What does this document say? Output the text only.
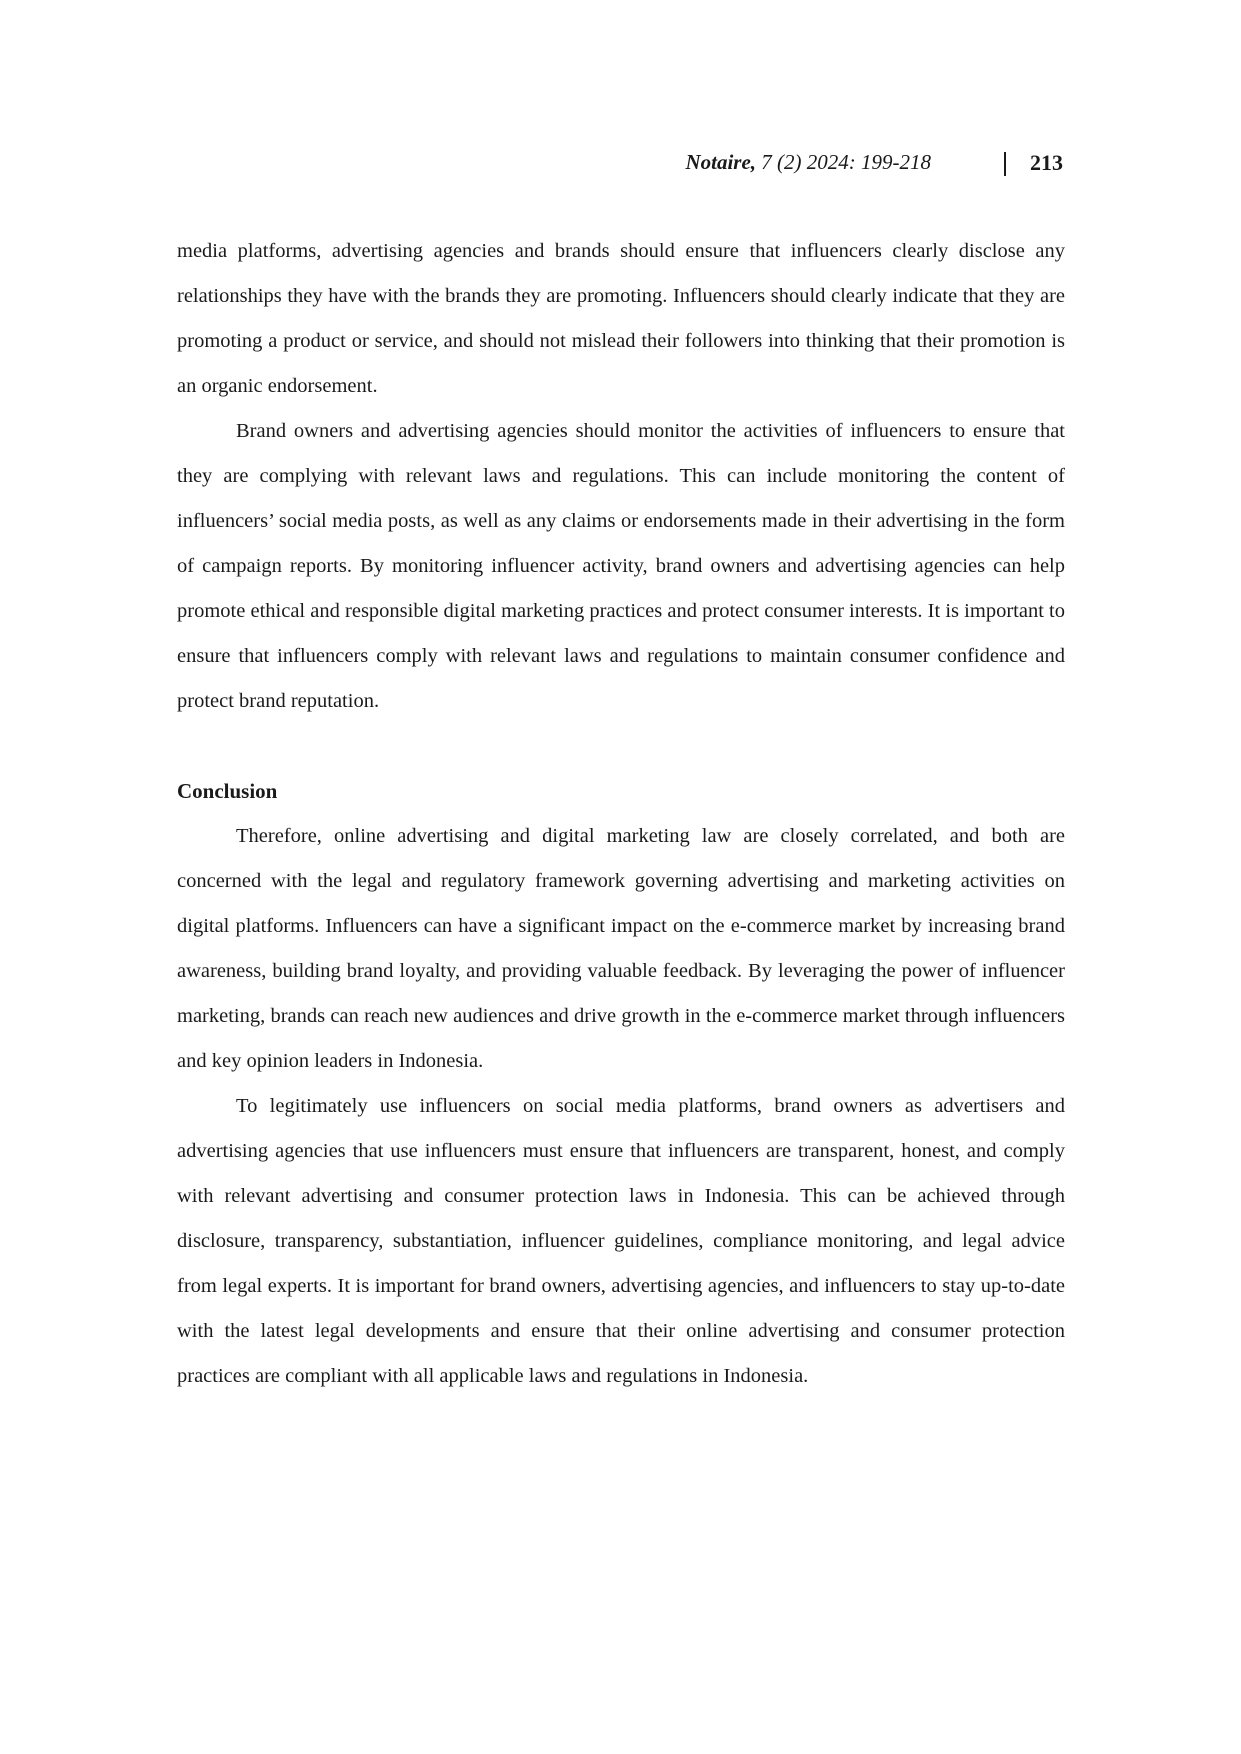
Notaire, 7 (2) 2024: 199-218	213

media platforms, advertising agencies and brands should ensure that influencers clearly disclose any relationships they have with the brands they are promoting. Influencers should clearly indicate that they are promoting a product or service, and should not mislead their followers into thinking that their promotion is an organic endorsement.

Brand owners and advertising agencies should monitor the activities of influencers to ensure that they are complying with relevant laws and regulations. This can include monitoring the content of influencers’ social media posts, as well as any claims or endorsements made in their advertising in the form of campaign reports. By monitoring influencer activity, brand owners and advertising agencies can help promote ethical and responsible digital marketing practices and protect consumer interests. It is important to ensure that influencers comply with relevant laws and regulations to maintain consumer confidence and protect brand reputation.

Conclusion

Therefore, online advertising and digital marketing law are closely correlated, and both are concerned with the legal and regulatory framework governing advertising and marketing activities on digital platforms. Influencers can have a significant impact on the e-commerce market by increasing brand awareness, building brand loyalty, and providing valuable feedback. By leveraging the power of influencer marketing, brands can reach new audiences and drive growth in the e-commerce market through influencers and key opinion leaders in Indonesia.

To legitimately use influencers on social media platforms, brand owners as advertisers and advertising agencies that use influencers must ensure that influencers are transparent, honest, and comply with relevant advertising and consumer protection laws in Indonesia. This can be achieved through disclosure, transparency, substantiation, influencer guidelines, compliance monitoring, and legal advice from legal experts. It is important for brand owners, advertising agencies, and influencers to stay up-to-date with the latest legal developments and ensure that their online advertising and consumer protection practices are compliant with all applicable laws and regulations in Indonesia.
